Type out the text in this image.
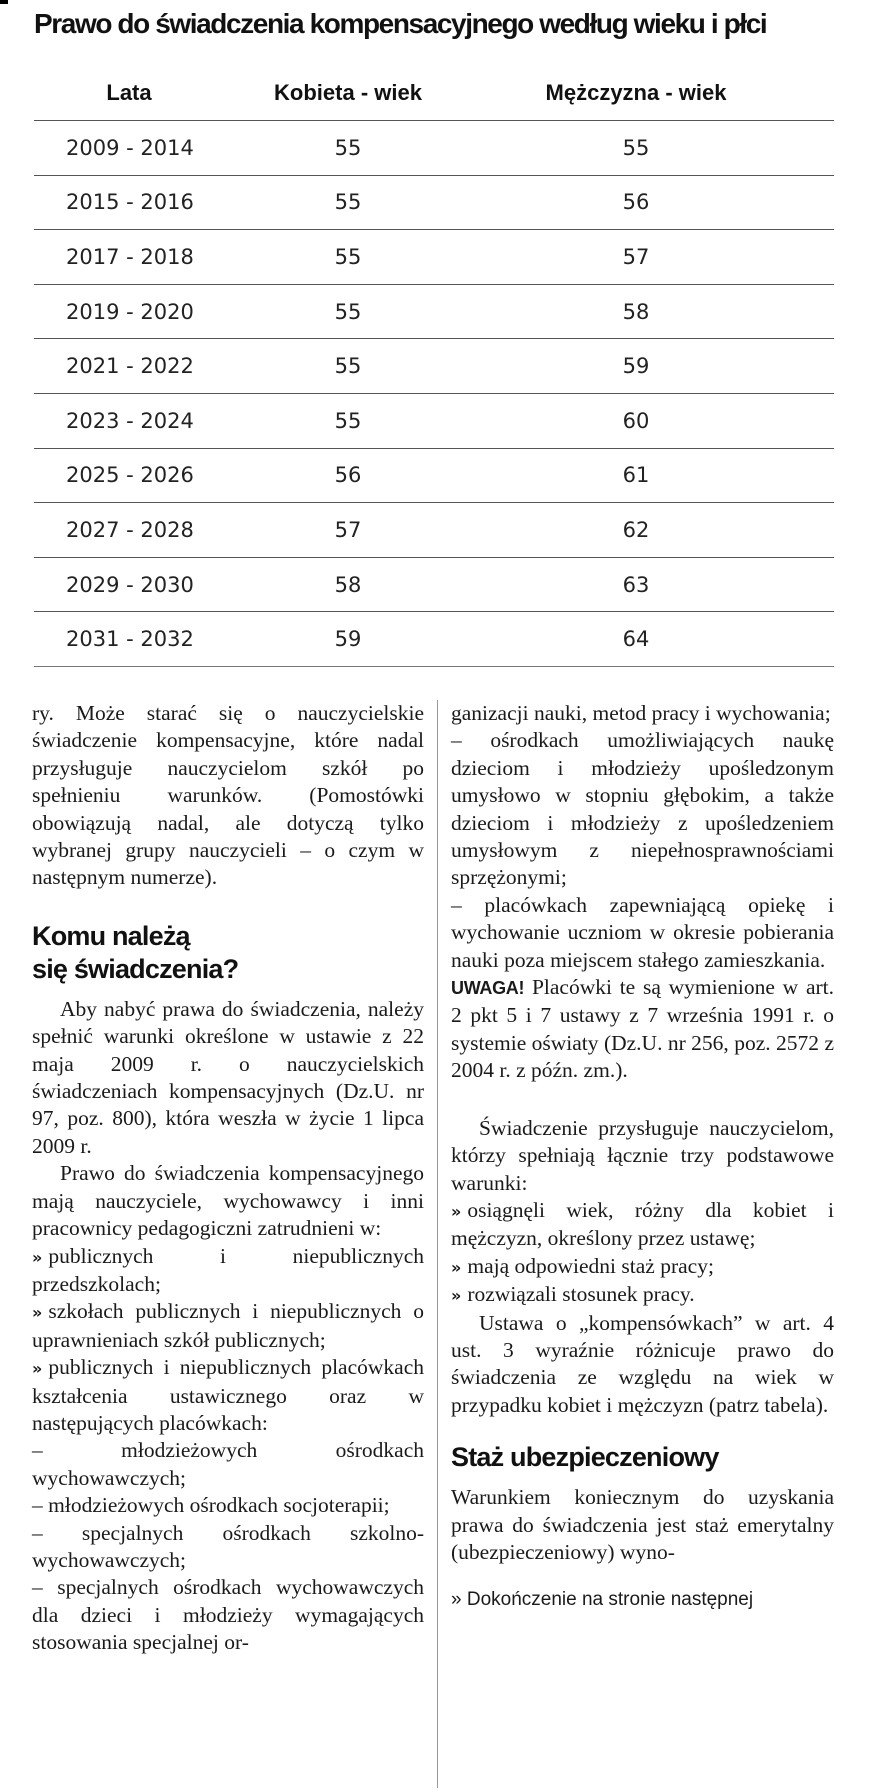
Prawo do świadczenia kompensacyjnego według wieku i płci
Lata	Kobieta - wiek	Mężczyzna - wiek
2009 - 2014	55	55
2015 - 2016	55	56
2017 - 2018	55	57
2019 - 2020	55	58
2021 - 2022	55	59
2023 - 2024	55	60
2025 - 2026	56	61
2027 - 2028	57	62
2029 - 2030	58	63
2031 - 2032	59	64

ry. Może starać się o nauczycielskie świadczenie kompensacyjne, które nadal przysługuje nauczycielom szkół po spełnieniu warunków. (Pomostówki obowiązują nadal, ale dotyczą tylko wybranej grupy nauczycieli – o czym w następnym numerze).

Komu należą
się świadczenia?

Aby nabyć prawa do świadczenia, należy spełnić warunki określone w ustawie z 22 maja 2009 r. o nauczycielskich świadczeniach kompensacyjnych (Dz.U. nr 97, poz. 800), która weszła w życie 1 lipca 2009 r.

Prawo do świadczenia kompensacyjnego mają nauczyciele, wychowawcy i inni pracownicy pedagogiczni zatrudnieni w:

» publicznych i niepublicznych przedszkolach;

» szkołach publicznych i niepublicznych o uprawnieniach szkół publicznych;

» publicznych i niepublicznych placówkach kształcenia ustawicznego oraz w następujących placówkach:

– młodzieżowych ośrodkach wychowawczych;

– młodzieżowych ośrodkach socjoterapii;

– specjalnych ośrodkach szkolno-wychowawczych;

– specjalnych ośrodkach wychowawczych dla dzieci i młodzieży wymagających stosowania specjalnej or-

ganizacji nauki, metod pracy i wychowania;

– ośrodkach umożliwiających naukę dzieciom i młodzieży upośledzonym umysłowo w stopniu głębokim, a także dzieciom i młodzieży z upośledzeniem umysłowym z niepełnosprawnościami sprzężonymi;

– placówkach zapewniającą opiekę i wychowanie uczniom w okresie pobierania nauki poza miejscem stałego zamieszkania.

UWAGA! Placówki te są wymienione w art. 2 pkt 5 i 7 ustawy z 7 września 1991 r. o systemie oświaty (Dz.U. nr 256, poz. 2572 z 2004 r. z późn. zm.).

Świadczenie przysługuje nauczycielom, którzy spełniają łącznie trzy podstawowe warunki:

» osiągnęli wiek, różny dla kobiet i mężczyzn, określony przez ustawę;

» mają odpowiedni staż pracy;

» rozwiązali stosunek pracy.

Ustawa o „kompensówkach” w art. 4 ust. 3 wyraźnie różnicuje prawo do świadczenia ze względu na wiek w przypadku kobiet i mężczyzn (patrz tabela).

Staż ubezpieczeniowy

Warunkiem koniecznym do uzyskania prawa do świadczenia jest staż emerytalny (ubezpieczeniowy) wyno-

» Dokończenie na stronie następnej
